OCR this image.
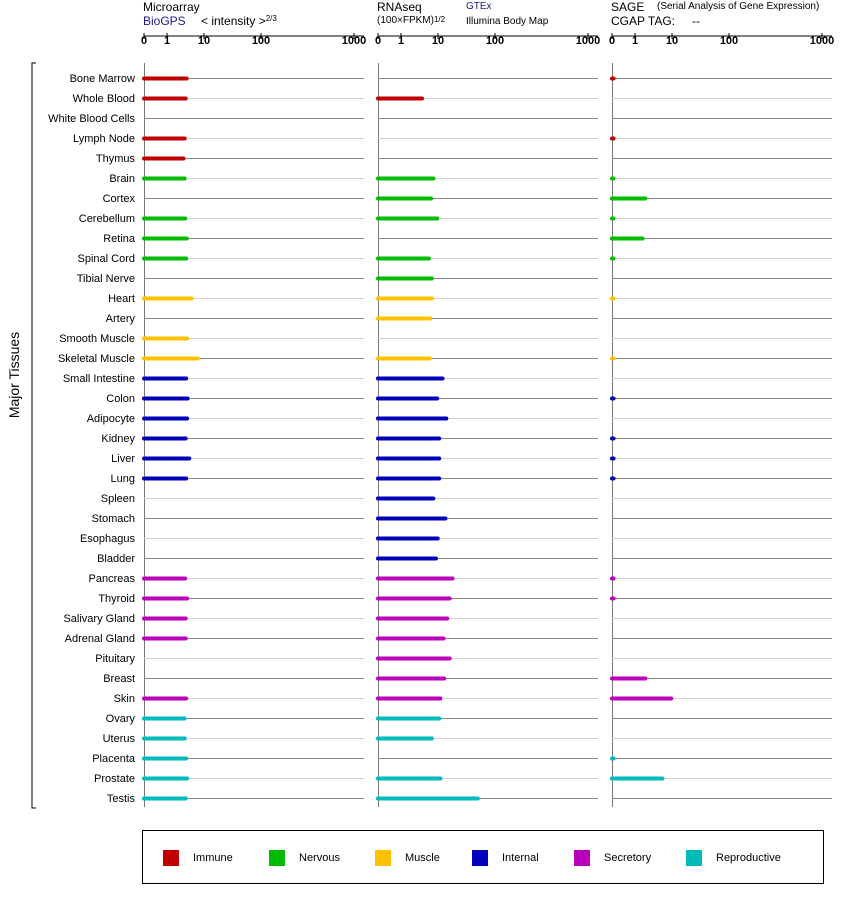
0 1	10	100	1000 0 1	10	100	1000 0 1	10	100	1000
Bone Marrow
Whole Blood
White Blood Cells
Lymph Node
Thymus
Brain
Cortex
Cerebellum
Retina
Spinal Cord
Tibial Nerve
Heart
Artery
Smooth Muscle
Skeletal Muscle
Small Intestine
Colon
Adipocyte
Kidney
Liver
Lung
Spleen
Stomach
Esophagus
Bladder
Pancreas
Thyroid
Salivary Gland
Adrenal Gland
Pituitary
Breast
Skin
Ovary
Uterus
Placenta
Prostate
Testis
Major Tissues
Microarray
BioGPS < intensity >$^{2/3}$
RNAseq
(100×FPKM)$^{1/2}$
GTEx
Illumina Body Map
SAGE (Serial Analysis of Gene Expression)
CGAP TAG: --
Immune	Nervous	Muscle	Internal	Secretory	Reproductive
